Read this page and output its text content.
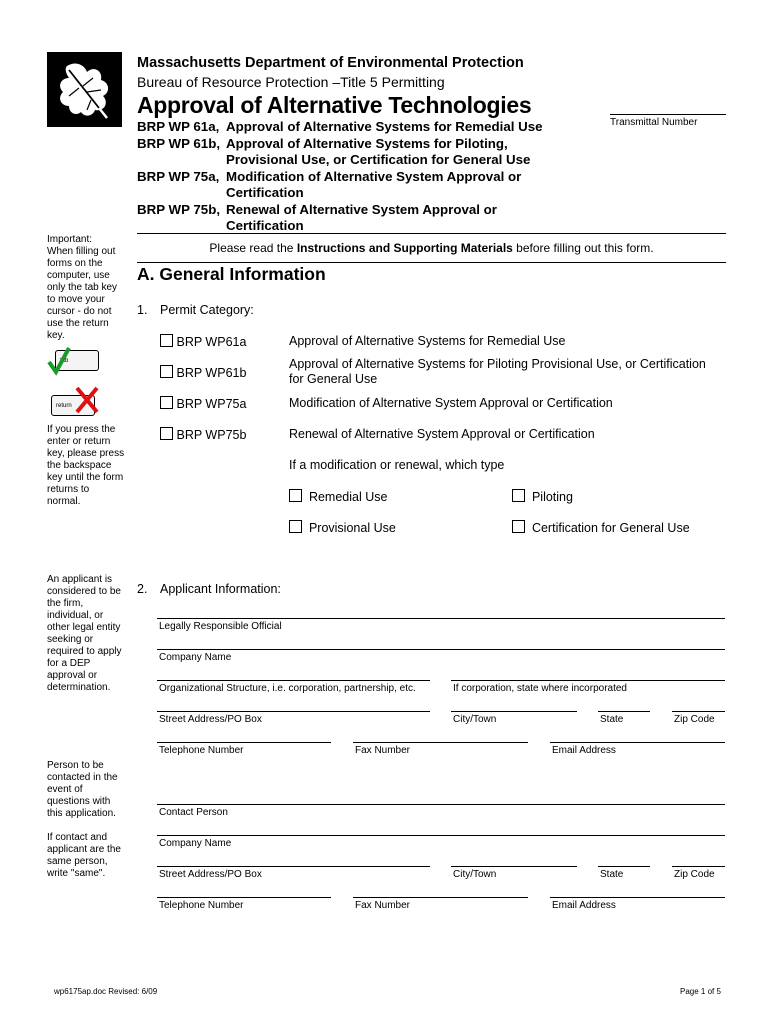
Massachusetts Department of Environmental Protection
Bureau of Resource Protection –Title 5 Permitting
Approval of Alternative Technologies
Transmittal Number
BRP WP 61a, Approval of Alternative Systems for Remedial Use
BRP WP 61b, Approval of Alternative Systems for Piloting,
Provisional Use, or Certification for General Use
BRP WP 75a, Modification of Alternative System Approval or
Certification
BRP WP 75b, Renewal of Alternative System Approval or
Certification
Please read the Instructions and Supporting Materials before filling out this form.
A. General Information
Important:
When filling out forms on the computer, use only the tab key to move your cursor - do not use the return key.
tab
return
If you press the enter or return key, please press the backspace key until the form returns to normal.
An applicant is considered to be the firm, individual, or other legal entity seeking or required to apply for a DEP approval or determination.
Person to be contacted in the event of questions with this application.
If contact and applicant are the same person, write "same".
1. Permit Category:
BRP WP61a	Approval of Alternative Systems for Remedial Use
BRP WP61b
Approval of Alternative Systems for Piloting Provisional Use, or Certification
for General Use
BRP WP75a	Modification of Alternative System Approval or Certification
BRP WP75b	Renewal of Alternative System Approval or Certification
If a modification or renewal, which type
Remedial Use	Piloting
Provisional Use	Certification for General Use
2. Applicant Information:
Legally Responsible Official
Company Name
Organizational Structure, i.e. corporation, partnership, etc.	If corporation, state where incorporated
Street Address/PO Box	City/Town	State	Zip Code
Telephone Number	Fax Number	Email Address
Contact Person
Company Name
Street Address/PO Box	City/Town	State	Zip Code
Telephone Number	Fax Number	Email Address
wp6175ap.doc Revised: 6/09	Page 1 of 5
